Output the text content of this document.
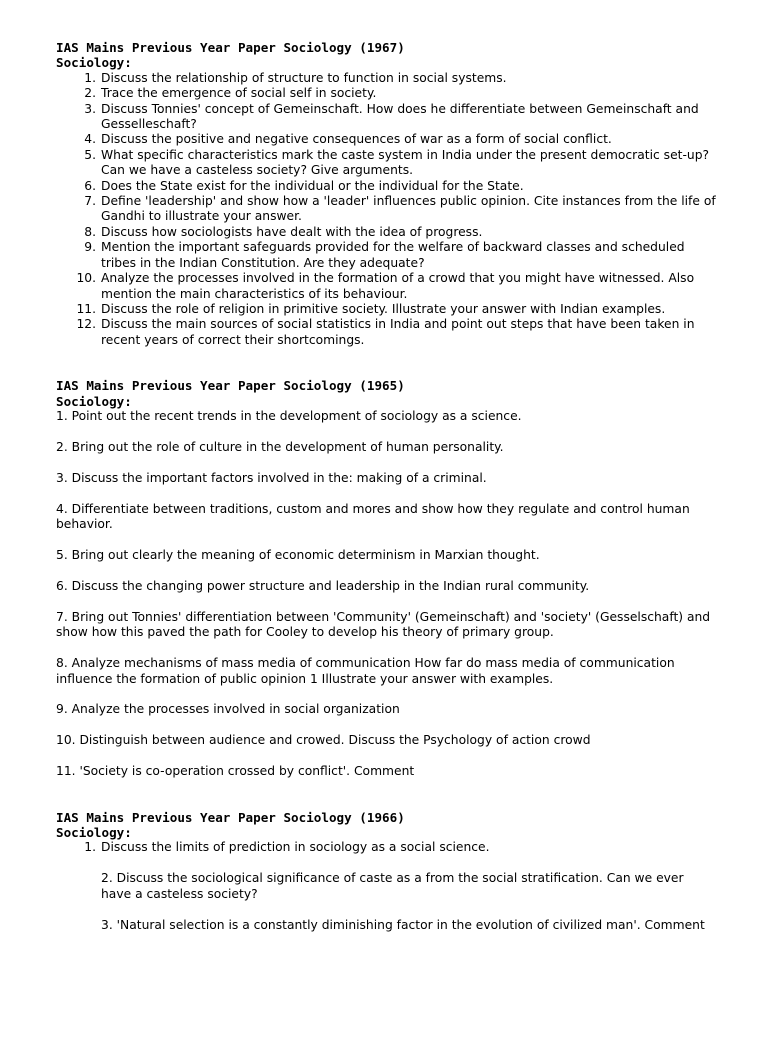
IAS Mains Previous Year Paper Sociology (1967)
Sociology:
1. Discuss the relationship of structure to function in social systems.
2. Trace the emergence of social self in society.
3. Discuss Tonnies' concept of Gemeinschaft. How does he differentiate between Gemeinschaft and Gesselleschaft?
4. Discuss the positive and negative consequences of war as a form of social conflict.
5. What specific characteristics mark the caste system in India under the present democratic set-up? Can we have a casteless society? Give arguments.
6. Does the State exist for the individual or the individual for the State.
7. Define 'leadership' and show how a 'leader' influences public opinion. Cite instances from the life of Gandhi to illustrate your answer.
8. Discuss how sociologists have dealt with the idea of progress.
9. Mention the important safeguards provided for the welfare of backward classes and scheduled tribes in the Indian Constitution. Are they adequate?
10. Analyze the processes involved in the formation of a crowd that you might have witnessed. Also mention the main characteristics of its behaviour.
11. Discuss the role of religion in primitive society. Illustrate your answer with Indian examples.
12. Discuss the main sources of social statistics in India and point out steps that have been taken in recent years of correct their shortcomings.
IAS Mains Previous Year Paper Sociology (1965)
Sociology:

1. Point out the recent trends in the development of sociology as a science.

2. Bring out the role of culture in the development of human personality.

3. Discuss the important factors involved in the: making of a criminal.

4. Differentiate between traditions, custom and mores and show how they regulate and control human behavior.

5. Bring out clearly the meaning of economic determinism in Marxian thought.

6. Discuss the changing power structure and leadership in the Indian rural community.

7. Bring out Tonnies' differentiation between 'Community' (Gemeinschaft) and 'society' (Gesselschaft) and show how this paved the path for Cooley to develop his theory of primary group.

8. Analyze mechanisms of mass media of communication How far do mass media of communication influence the formation of public opinion 1 Illustrate your answer with examples.

9. Analyze the processes involved in social organization

10. Distinguish between audience and crowed. Discuss the Psychology of action crowd

11. 'Society is co-operation crossed by conflict'. Comment

IAS Mains Previous Year Paper Sociology (1966)
Sociology:
1. Discuss the limits of prediction in sociology as a social science.

2. Discuss the sociological significance of caste as a from the social stratification. Can we ever have a casteless society?

3. 'Natural selection is a constantly diminishing factor in the evolution of civilized man'. Comment
